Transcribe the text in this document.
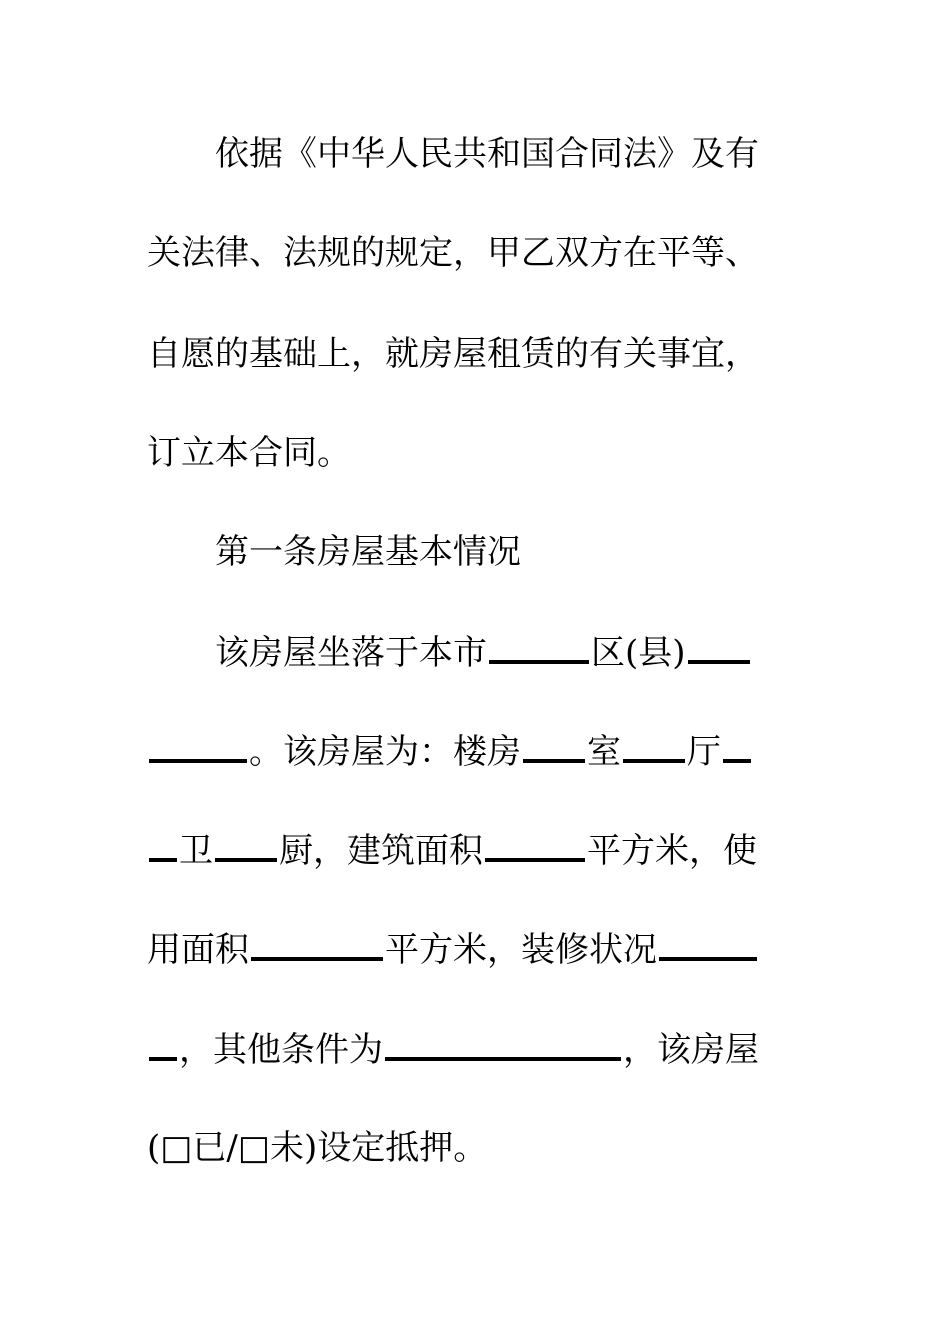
依据《中华人民共和国合同法》及有
关法律、法规的规定，甲乙双方在平等、
自愿的基础上，就房屋租赁的有关事宜，
订立本合同。
第一条房屋基本情况
该房屋坐落于本市	区(县)
。该房屋为：楼房 室 厅
卫 厨，建筑面积	平方米，使
用面积	平方米，装修状况
，其他条件为	，该房屋
(□已/□未)设定抵押。
